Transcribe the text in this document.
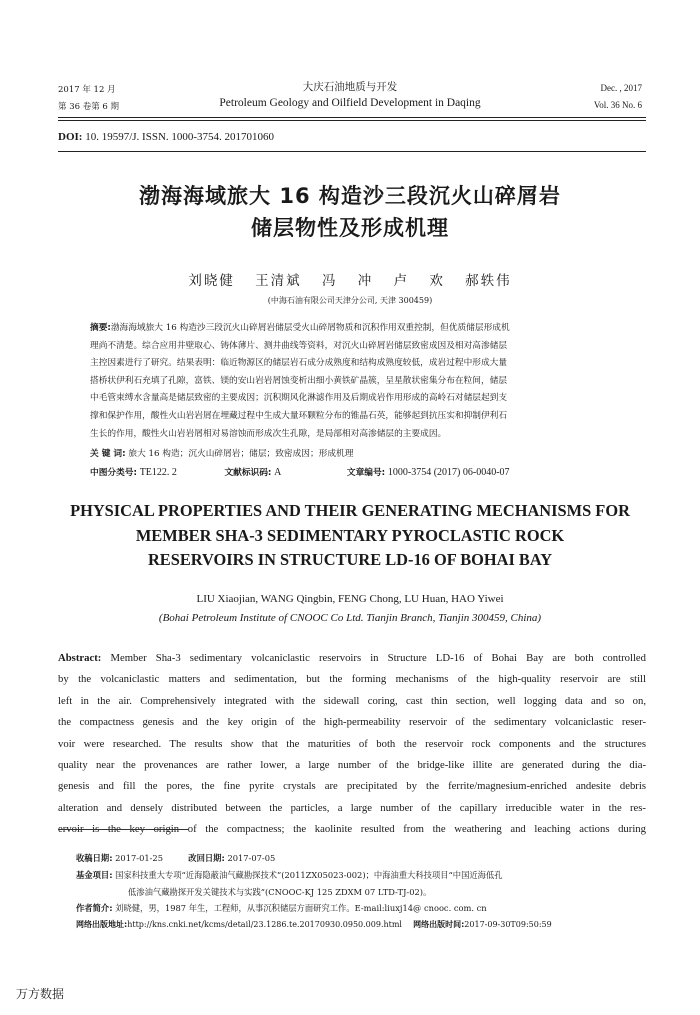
2017 年 12 月
第 36 卷第 6 期
大庆石油地质与开发
Petroleum Geology and Oilfield Development in Daqing
Dec. , 2017
Vol. 36 No. 6
DOI: 10. 19597/J. ISSN. 1000-3754. 201701060
渤海海域旅大 16 构造沙三段沉火山碎屑岩
储层物性及形成机理
刘晓健 王清斌 冯 冲 卢 欢 郝轶伟
(中海石油有限公司天津分公司, 天津 300459)
摘要:渤海海域旅大 16 构造沙三段沉火山碎屑岩储层受火山碎屑物质和沉积作用双重控制，但优质储层形成机
理尚不清楚。综合应用井壁取心、铸体薄片、测井曲线等资料，对沉火山碎屑岩储层致密成因及相对高渗储层
主控因素进行了研究。结果表明：临近物源区的储层岩石成分成熟度和结构成熟度较低，成岩过程中形成大量
搭桥状伊利石充填了孔隙，富铁、镁的安山岩岩屑蚀变析出细小黄铁矿晶簇，呈星散状密集分布在粒间，储层
中毛管束缚水含量高是储层致密的主要成因；沉积期风化淋滤作用及后期成岩作用形成的高岭石对储层起到支
撑和保护作用，酸性火山岩岩屑在埋藏过程中生成大量环颗粒分布的锥晶石英，能够起到抗压实和抑制伊利石
生长的作用，酸性火山岩岩屑相对易溶蚀而形成次生孔隙，是局部相对高渗储层的主要成因。
关 键 词: 旅大 16 构造；沉火山碎屑岩；储层；致密成因；形成机理
中图分类号: TE122. 2	文献标识码: A	文章编号: 1000-3754 (2017) 06-0040-07
PHYSICAL PROPERTIES AND THEIR GENERATING MECHANISMS FOR
MEMBER SHA-3 SEDIMENTARY PYROCLASTIC ROCK
RESERVOIRS IN STRUCTURE LD-16 OF BOHAI BAY
LIU Xiaojian, WANG Qingbin, FENG Chong, LU Huan, HAO Yiwei
(Bohai Petroleum Institute of CNOOC Co Ltd. Tianjin Branch, Tianjin 300459, China)
Abstract: Member Sha-3 sedimentary volcaniclastic reservoirs in Structure LD-16 of Bohai Bay are both controlled
by the volcaniclastic matters and sedimentation, but the forming mechanisms of the high-quality reservoir are still
left in the air. Comprehensively integrated with the sidewall coring, cast thin section, well logging data and so on,
the compactness genesis and the key origin of the high-permeability reservoir of the sedimentary volcaniclastic reser-
voir were researched. The results show that the maturities of both the reservoir rock components and the structures
quality near the provenances are rather lower, a large number of the bridge-like illite are generated during the dia-
genesis and fill the pores, the fine pyrite crystals are precipitated by the ferrite/magnesium-enriched andesite debris
alteration and densely distributed between the particles, a large number of the capillary irreducible water in the res-
ervoir is the key origin of the compactness; the kaolinite resulted from the weathering and leaching actions during
收稿日期: 2017-01-25	改回日期: 2017-07-05
基金项目: 国家科技重大专项“近海隐蔽油气藏勘探技术”(2011ZX05023-002)；中海油重大科技项目“中国近海低孔
低渗油气藏勘探开发关键技术与实践”(CNOOC-KJ 125 ZDXM 07 LTD-TJ-02)。
作者简介: 刘晓健，男，1987 年生，工程师，从事沉积储层方面研究工作。E-mail:liuxj14@ cnooc. com. cn
网络出版地址:http://kns.cnki.net/kcms/detail/23.1286.te.20170930.0950.009.html 网络出版时间:2017-09-30T09:50:59
万方数据
